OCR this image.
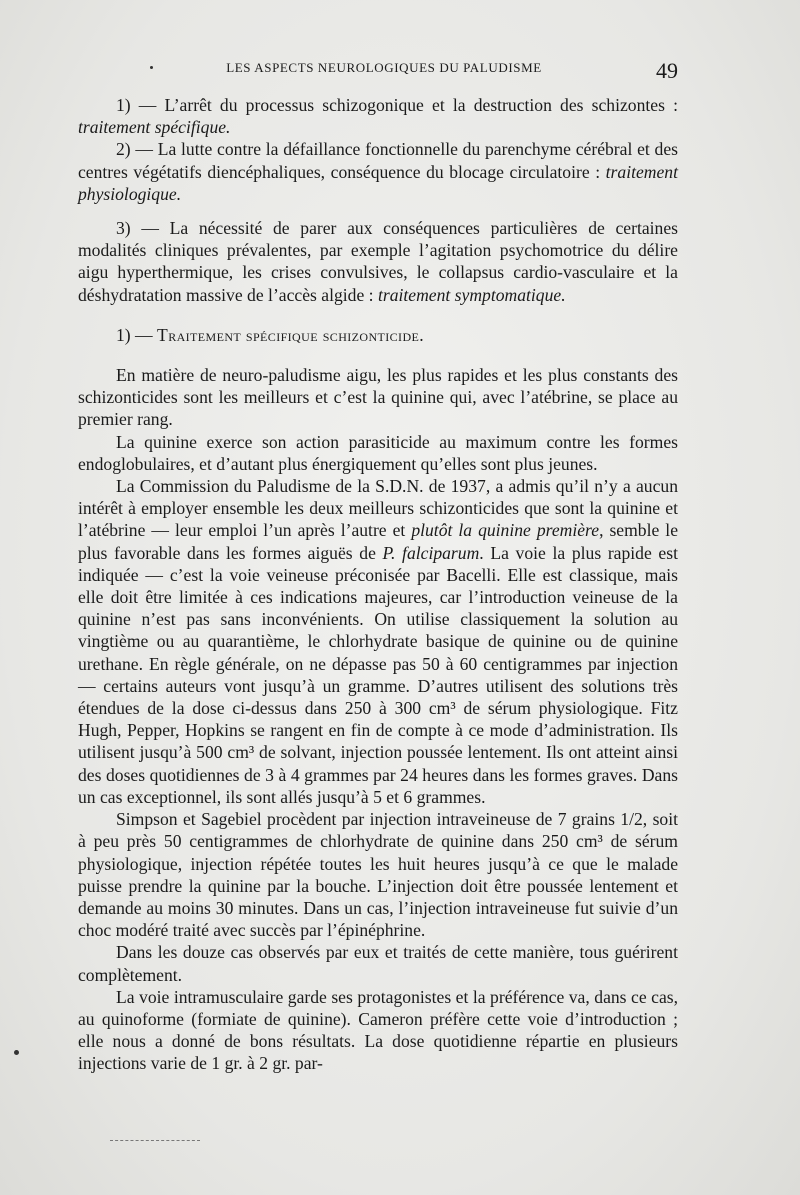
LES ASPECTS NEUROLOGIQUES DU PALUDISME	49

1) — L’arrêt du processus schizogonique et la destruction des schizontes : traitement spécifique.

2) — La lutte contre la défaillance fonctionnelle du parenchyme cérébral et des centres végétatifs diencéphaliques, conséquence du blocage circulatoire : traitement physiologique.

3) — La nécessité de parer aux conséquences particulières de certaines modalités cliniques prévalentes, par exemple l’agitation psychomotrice du délire aigu hyperthermique, les crises convulsives, le collapsus cardio-vasculaire et la déshydratation massive de l’accès algide : traitement symptomatique.

1) — Traitement spécifique schizonticide.

En matière de neuro-paludisme aigu, les plus rapides et les plus constants des schizonticides sont les meilleurs et c’est la quinine qui, avec l’atébrine, se place au premier rang.

La quinine exerce son action parasiticide au maximum contre les formes endoglobulaires, et d’autant plus énergiquement qu’elles sont plus jeunes.

La Commission du Paludisme de la S.D.N. de 1937, a admis qu’il n’y a aucun intérêt à employer ensemble les deux meilleurs schizonticides que sont la quinine et l’atébrine — leur emploi l’un après l’autre et plutôt la quinine première, semble le plus favorable dans les formes aiguës de P. falciparum. La voie la plus rapide est indiquée — c’est la voie veineuse préconisée par Bacelli. Elle est classique, mais elle doit être limitée à ces indications majeures, car l’introduction veineuse de la quinine n’est pas sans inconvénients. On utilise classiquement la solution au vingtième ou au quarantième, le chlorhydrate basique de quinine ou de quinine urethane. En règle générale, on ne dépasse pas 50 à 60 centigrammes par injection — certains auteurs vont jusqu’à un gramme. D’autres utilisent des solutions très étendues de la dose ci-dessus dans 250 à 300 cm³ de sérum physiologique. Fitz Hugh, Pepper, Hopkins se rangent en fin de compte à ce mode d’administration. Ils utilisent jusqu’à 500 cm³ de solvant, injection poussée lentement. Ils ont atteint ainsi des doses quotidiennes de 3 à 4 grammes par 24 heures dans les formes graves. Dans un cas exceptionnel, ils sont allés jusqu’à 5 et 6 grammes.

Simpson et Sagebiel procèdent par injection intraveineuse de 7 grains 1/2, soit à peu près 50 centigrammes de chlorhydrate de quinine dans 250 cm³ de sérum physiologique, injection répétée toutes les huit heures jusqu’à ce que le malade puisse prendre la quinine par la bouche. L’injection doit être poussée lentement et demande au moins 30 minutes. Dans un cas, l’injection intraveineuse fut suivie d’un choc modéré traité avec succès par l’épinéphrine.

Dans les douze cas observés par eux et traités de cette manière, tous guérirent complètement.

La voie intramusculaire garde ses protagonistes et la préférence va, dans ce cas, au quinoforme (formiate de quinine). Cameron préfère cette voie d’introduction ; elle nous a donné de bons résultats. La dose quotidienne répartie en plusieurs injections varie de 1 gr. à 2 gr. par-
